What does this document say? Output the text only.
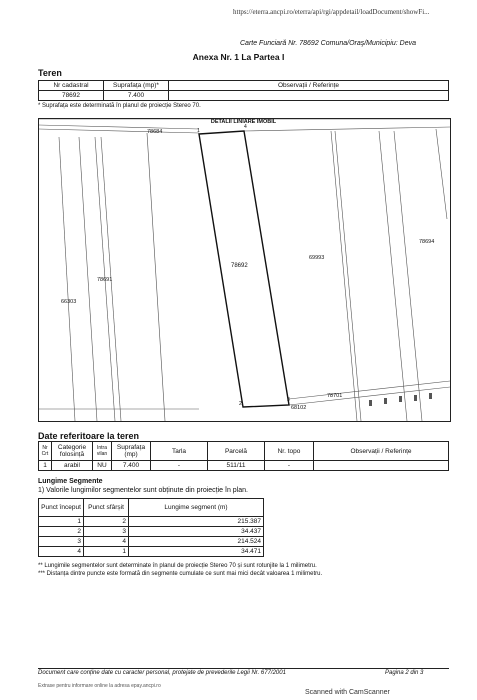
https://eterra.ancpi.ro/eterra/api/rgi/appdetail/loadDocument/showFi...
Carte Funciară Nr. 78692 Comuna/Oraş/Municipiu: Deva
Anexa Nr. 1 La Partea I
Teren
Nr cadastral	Suprafața (mp)*	Observații / Referințe
78692	7.400	
* Suprafața este determinată în planul de proiecție Stereo 70.
78684
78692
69993
78694
78691
66303
78701
68102
1
2
3
4
DETALII LINIARE IMOBIL
Date referitoare la teren
Nr Crt	Categorie folosință	Intra vilan	Suprafața (mp)	Tarla	Parcelă	Nr. topo	Observații / Referințe
1	arabil	NU	7.400	-	511/11	-	
Lungime Segmente
1) Valorile lungimilor segmentelor sunt obținute din proiecție în plan.
Punct început	Punct sfârșit	Lungime segment (m)
1	2	215.387
2	3	34.437
3	4	214.524
4	1	34.471
** Lungimile segmentelor sunt determinate în planul de proiecție Stereo 70 și sunt rotunjite la 1 milimetru.
*** Distanța dintre puncte este formată din segmente cumulate ce sunt mai mici decât valoarea 1 milimetru.
Document care conține date cu caracter personal, protejate de prevederile Legii Nr. 677/2001	Pagina 2 din 3
Extrase pentru informare online la adresa epay.ancpi.ro
Scanned with CamScanner
